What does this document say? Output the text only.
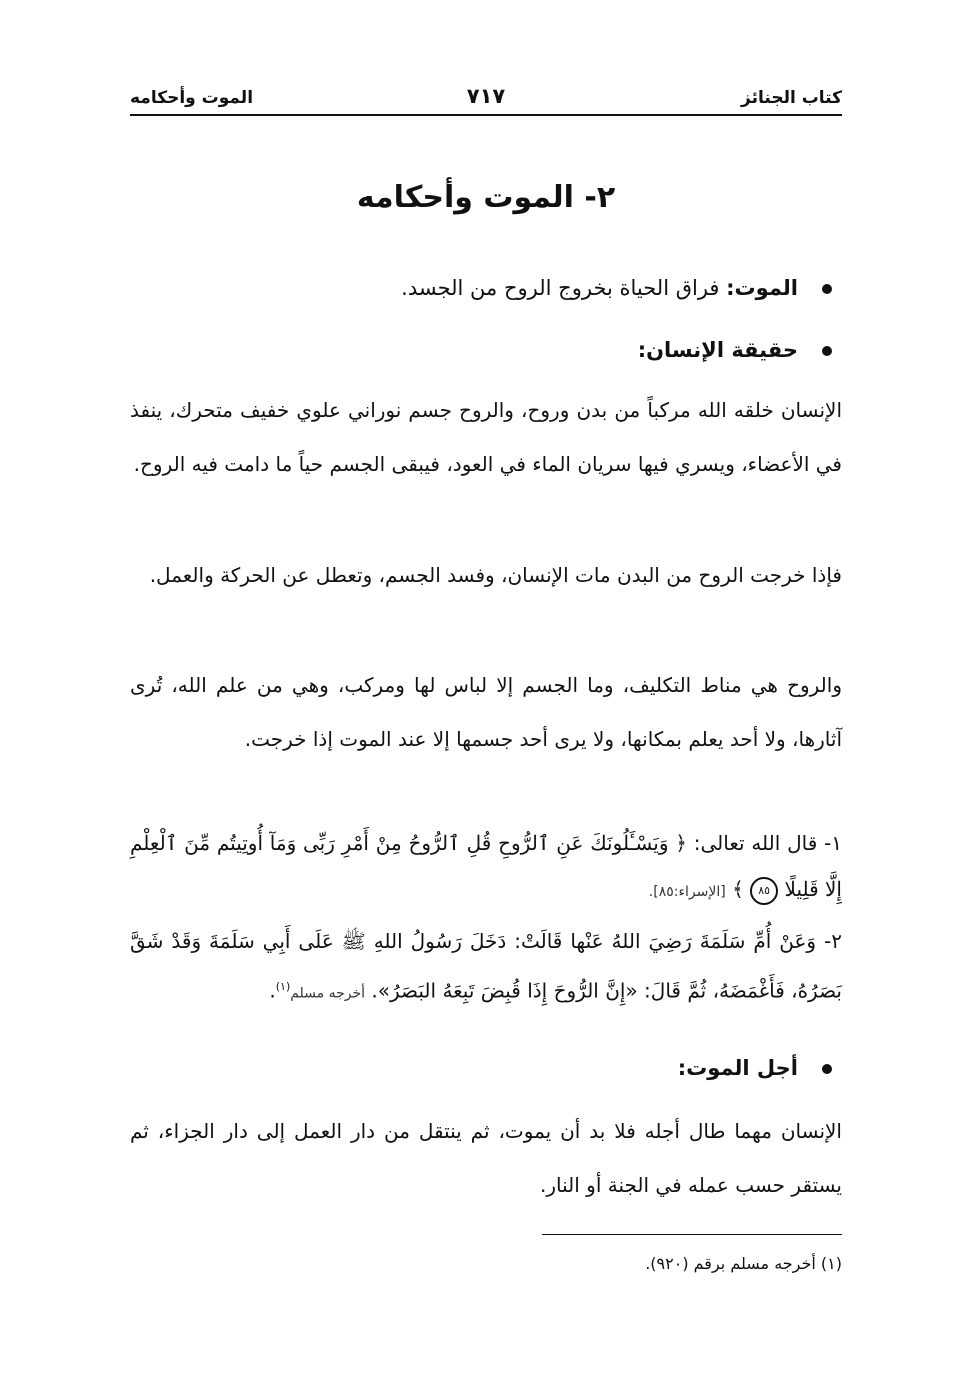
كتاب الجنائز
٧١٧
الموت وأحكامه
٢- الموت وأحكامه
الموت: فراق الحياة بخروج الروح من الجسد.
حقيقة الإنسان:
الإنسان خلقه الله مركباً من بدن وروح، والروح جسم نوراني علوي خفيف متحرك، ينفذ في الأعضاء، ويسري فيها سريان الماء في العود، فيبقى الجسم حياً ما دامت فيه الروح.
فإذا خرجت الروح من البدن مات الإنسان، وفسد الجسم، وتعطل عن الحركة والعمل.
والروح هي مناط التكليف، وما الجسم إلا لباس لها ومركب، وهي من علم الله، تُرى آثارها، ولا أحد يعلم بمكانها، ولا يرى أحد جسمها إلا عند الموت إذا خرجت.
١- قال الله تعالى: ﴿ وَيَسْـَٔلُونَكَ عَنِ ٱلرُّوحِ قُلِ ٱلرُّوحُ مِنْ أَمْرِ رَبِّى وَمَآ أُوتِيتُم مِّنَ ٱلْعِلْمِ إِلَّا قَلِيلًا ٨٥ ﴾ [الإسراء:٨٥].
٢- وَعَنْ أُمِّ سَلَمَةَ رَضِيَ اللهُ عَنْها قَالَتْ: دَخَلَ رَسُولُ اللهِ ﷺ عَلَى أَبِي سَلَمَةَ وَقَدْ شَقَّ بَصَرُهُ، فَأَغْمَضَهُ، ثُمَّ قَالَ: «إِنَّ الرُّوحَ إِذَا قُبِضَ تَبِعَهُ البَصَرُ». أخرجه مسلم$^{(١)}$.
أجل الموت:
الإنسان مهما طال أجله فلا بد أن يموت، ثم ينتقل من دار العمل إلى دار الجزاء، ثم يستقر حسب عمله في الجنة أو النار.
(١) أخرجه مسلم برقم (٩٢٠).
